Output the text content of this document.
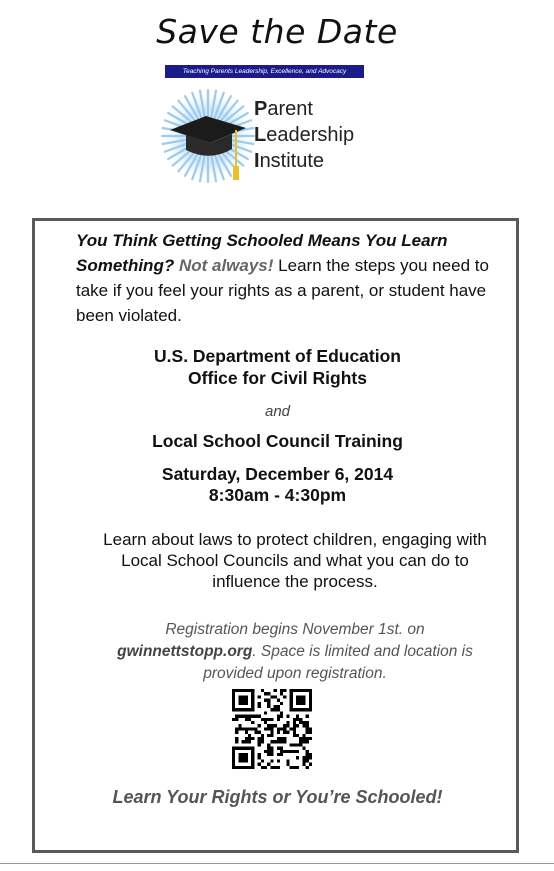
Save the Date
Teaching Parents Leadership, Excellence, and Advocacy
Parent
Leadership
Institute
You Think Getting Schooled Means You Learn Something? Not always! Learn the steps you need to take if you feel your rights as a parent, or student have been violated.
U.S. Department of Education
Office for Civil Rights
and
Local School Council Training
Saturday, December 6, 2014
8:30am - 4:30pm
Learn about laws to protect children, engaging with Local School Councils and what you can do to influence the process.
Registration begins November 1st. on gwinnettstopp.org. Space is limited and location is provided upon registration.
Learn Your Rights or You’re Schooled!
